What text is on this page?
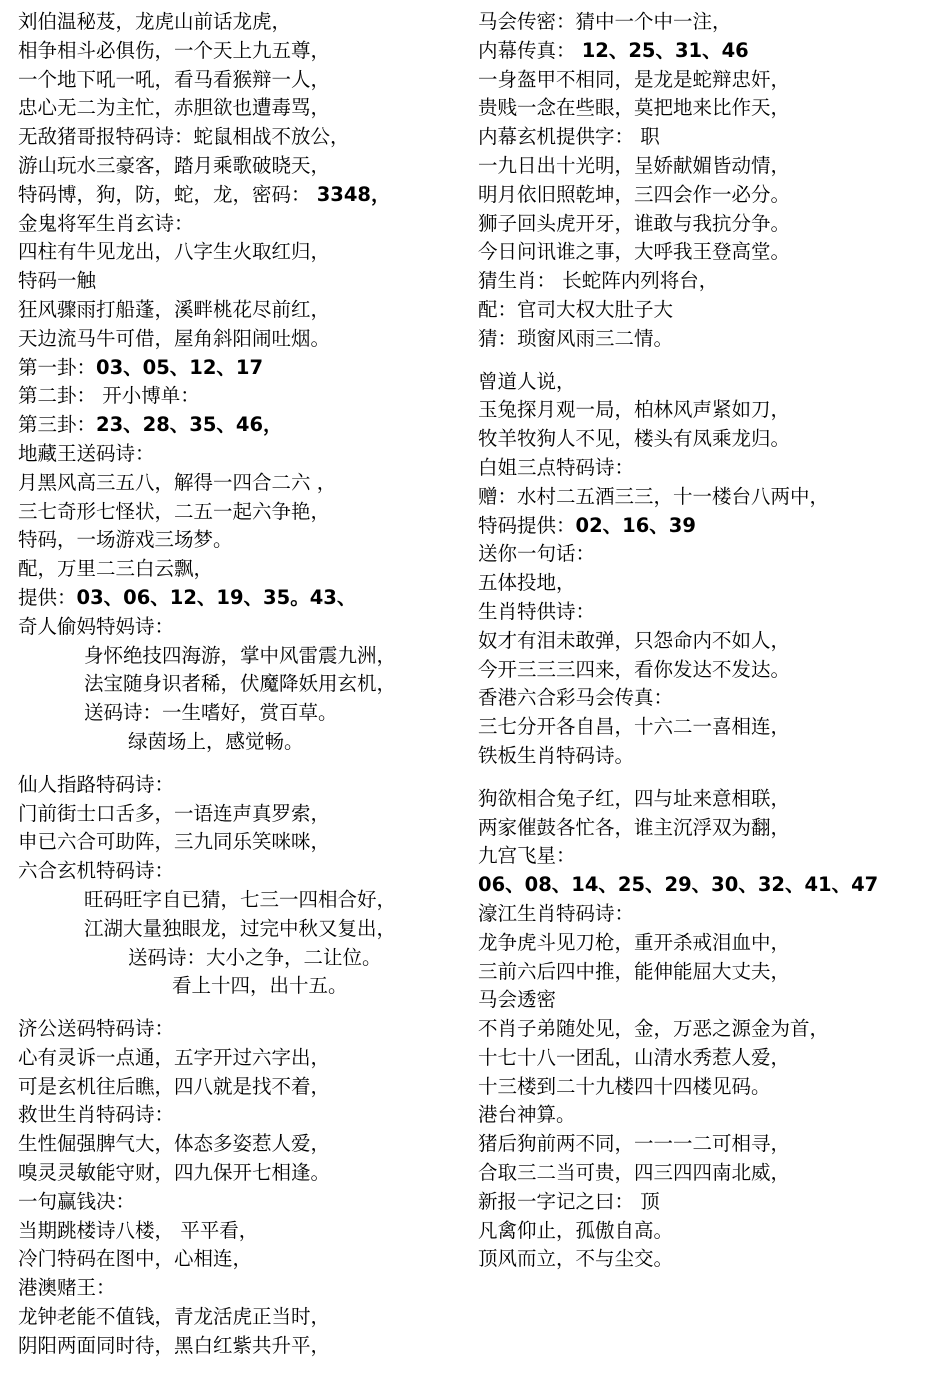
刘伯温秘芨，龙虎山前话龙虎，
相争相斗必俱伤，一个天上九五尊，
一个地下吼一吼，看马看猴辩一人，
忠心无二为主忙，赤胆欲也遭毒骂，
无敌猪哥报特码诗：蛇鼠相战不放公，
游山玩水三豪客，踏月乘歌破晓天，
特码博，狗，防，蛇，龙，密码： 3348，
金鬼将军生肖玄诗：
四柱有牛见龙出，八字生火取红归，
特码一触
狂风骤雨打船蓬，溪畔桃花尽前红，
天边流马牛可借，屋角斜阳闹吐烟。
第一卦：03、05、12、17
第二卦： 开小博单：
第三卦：23、28、35、46，
地藏王送码诗：
月黑风高三五八，解得一四合二六 ，
三七奇形七怪状，二五一起六争艳，
特码，一场游戏三场梦。
配，万里二三白云飘，
提供：03、06、12、19、35。43、
奇人偷妈特妈诗：
身怀绝技四海游，掌中风雷震九洲，
法宝随身识者稀，伏魔降妖用玄机，
送码诗：一生嗜好，赏百草。
绿茵场上，感觉畅。

仙人指路特码诗：
门前街士口舌多，一语连声真罗索，
申已六合可助阵，三九同乐笑咪咪，
六合玄机特码诗：
旺码旺字自已猜，七三一四相合好，
江湖大量独眼龙，过完中秋又复出，
送码诗：大小之争，二让位。
看上十四，出十五。

济公送码特码诗：
心有灵诉一点通，五字开过六字出，
可是玄机往后瞧，四八就是找不着，
救世生肖特码诗：
生性倔强脾气大，体态多姿惹人爱，
嗅灵灵敏能守财，四九保开七相逢。
一句赢钱决：
当期跳楼诗八楼， 平平看，
冷门特码在图中，心相连，
港澳赌王：
龙钟老能不值钱，青龙活虎正当时，
阴阳两面同时待，黑白红紫共升平，
马会传密：猜中一个中一注，
内幕传真： 12、25、31、46
一身盔甲不相同，是龙是蛇辩忠奸，
贵贱一念在些眼，莫把地来比作天，
内幕玄机提供字： 职
一九日出十光明，呈娇献媚皆动情，
明月依旧照乾坤，三四会作一必分。
狮子回头虎开牙，谁敢与我抗分争。
今日问讯谁之事，大呼我王登高堂。
猜生肖： 长蛇阵内列将台，
配：官司大权大肚子大
猜：琐窗风雨三二情。

曾道人说，
玉兔探月观一局，柏林风声紧如刀，
牧羊牧狗人不见，楼头有凤乘龙归。
白姐三点特码诗：
赠：水村二五酒三三，十一楼台八两中，
特码提供：02、16、39
送你一句话：
五体投地，
生肖特供诗：
奴才有泪未敢弹，只怨命内不如人，
今开三三三四来，看你发达不发达。
香港六合彩马会传真：
三七分开各自昌，十六二一喜相连，
铁板生肖特码诗。

狗欲相合兔子红，四与址来意相联，
两家催鼓各忙各，谁主沉浮双为翻，
九宫飞星：
06、08、14、25、29、30、32、41、47
濠江生肖特码诗：
龙争虎斗见刀枪，重开杀戒泪血中，
三前六后四中推，能伸能屈大丈夫，
马会透密
不肖子弟随处见，金，万恶之源金为首，
十七十八一团乱，山清水秀惹人爱，
十三楼到二十九楼四十四楼见码。
港台神算。
猪后狗前两不同，一一一二可相寻，
合取三二当可贵，四三四四南北威，
新报一字记之曰： 顶
凡禽仰止，孤傲自高。
顶风而立，不与尘交。
